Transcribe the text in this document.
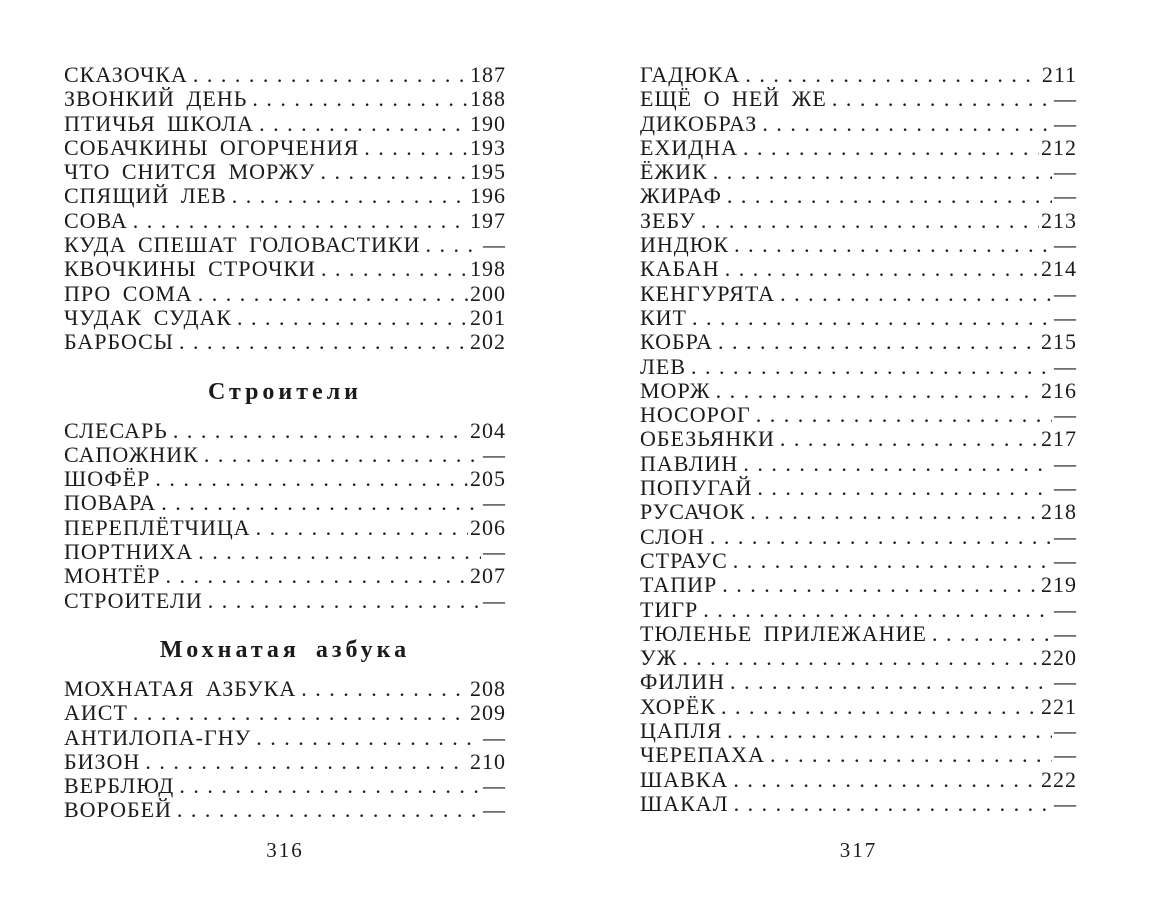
СКАЗОЧКА . . .	187
ЗВОНКИЙ ДЕНЬ . . .	188
ПТИЧЬЯ ШКОЛА . . .	190
СОБАЧКИНЫ ОГОРЧЕНИЯ . . .	193
ЧТО СНИТСЯ МОРЖУ . . .	195
СПЯЩИЙ ЛЕВ . . .	196
СОВА . . .	197
КУДА СПЕШАТ ГОЛОВАСТИКИ . . .	—
КВОЧКИНЫ СТРОЧКИ . . .	198
ПРО СОМА . . .	200
ЧУДАК СУДАК . . .	201
БАРБОСЫ . . .	202
Строители
СЛЕСАРЬ . . .	204
САПОЖНИК . . .	—
ШОФЁР . . .	205
ПОВАРА . . .	—
ПЕРЕПЛЁТЧИЦА . . .	206
ПОРТНИХА . . .	—
МОНТЁР . . .	207
СТРОИТЕЛИ . . .	—
Мохнатая азбука
МОХНАТАЯ АЗБУКА . . .	208
АИСТ . . .	209
АНТИЛОПА-ГНУ . . .	—
БИЗОН . . .	210
ВЕРБЛЮД . . .	—
ВОРОБЕЙ . . .	—
316
ГАДЮКА . . .	211
ЕЩЁ О НЕЙ ЖЕ . . .	—
ДИКОБРАЗ . . .	—
ЕХИДНА . . .	212
ЁЖИК . . .	—
ЖИРАФ . . .	—
ЗЕБУ . . .	213
ИНДЮК . . .	—
КАБАН . . .	214
КЕНГУРЯТА . . .	—
КИТ . . .	—
КОБРА . . .	215
ЛЕВ . . .	—
МОРЖ . . .	216
НОСОРОГ . . .	—
ОБЕЗЬЯНКИ . . .	217
ПАВЛИН . . .	—
ПОПУГАЙ . . .	—
РУСАЧОК . . .	218
СЛОН . . .	—
СТРАУС . . .	—
ТАПИР . . .	219
ТИГР . . .	—
ТЮЛЕНЬЕ ПРИЛЕЖАНИЕ . . .	—
УЖ . . .	220
ФИЛИН . . .	—
ХОРЁК . . .	221
ЦАПЛЯ . . .	—
ЧЕРЕПАХА . . .	—
ШАВКА . . .	222
ШАКАЛ . . .	—
317
